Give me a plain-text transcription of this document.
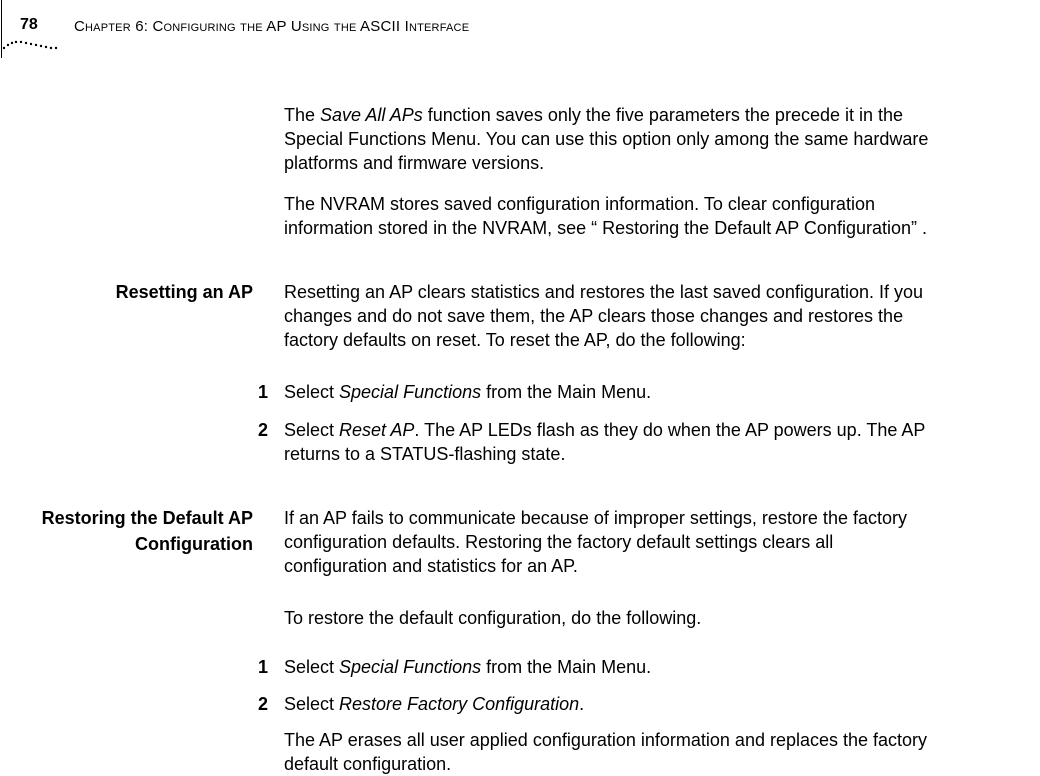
78 Chapter 6: Configuring the AP Using the ASCII Interface
The Save All APs function saves only the five parameters the precede it in the
Special Functions Menu. You can use this option only among the same hardware
platforms and firmware versions.
The NVRAM stores saved configuration information. To clear configuration
information stored in the NVRAM, see “ Restoring the Default AP Configuration” .
Resetting an AP Resetting an AP clears statistics and restores the last saved configuration. If you
changes and do not save them, the AP clears those changes and restores the
factory defaults on reset. To reset the AP, do the following:
1 Select Special Functions from the Main Menu.
2 Select Reset AP. The AP LEDs flash as they do when the AP powers up. The AP
returns to a STATUS-flashing state.
Restoring the Default AP
Configuration
If an AP fails to communicate because of improper settings, restore the factory
configuration defaults. Restoring the factory default settings clears all
configuration and statistics for an AP.
To restore the default configuration, do the following.
1 Select Special Functions from the Main Menu.
2 Select Restore Factory Configuration.
The AP erases all user applied configuration information and replaces the factory
default configuration.
